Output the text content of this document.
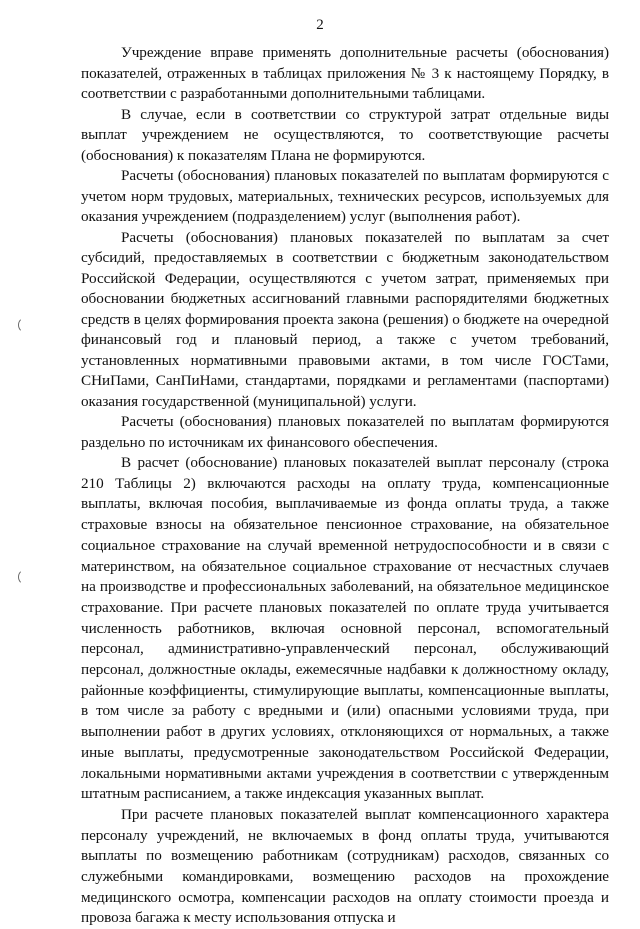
2

Учреждение вправе применять дополнительные расчеты (обоснования) показателей, отраженных в таблицах приложения № 3 к настоящему Порядку, в соответствии с разработанными дополнительными таблицами.

В случае, если в соответствии со структурой затрат отдельные виды выплат учреждением не осуществляются, то соответствующие расчеты (обоснования) к показателям Плана не формируются.

Расчеты (обоснования) плановых показателей по выплатам формируются с учетом норм трудовых, материальных, технических ресурсов, используемых для оказания учреждением (подразделением) услуг (выполнения работ).

Расчеты (обоснования) плановых показателей по выплатам за счет субсидий, предоставляемых в соответствии с бюджетным законодательством Российской Федерации, осуществляются с учетом затрат, применяемых при обосновании бюджетных ассигнований главными распорядителями бюджетных средств в целях формирования проекта закона (решения) о бюджете на очередной финансовый год и плановый период, а также с учетом требований, установленных нормативными правовыми актами, в том числе ГОСТами, СНиПами, СанПиНами, стандартами, порядками и регламентами (паспортами) оказания государственной (муниципальной) услуги.

Расчеты (обоснования) плановых показателей по выплатам формируются раздельно по источникам их финансового обеспечения.

В расчет (обоснование) плановых показателей выплат персоналу (строка 210 Таблицы 2) включаются расходы на оплату труда, компенсационные выплаты, включая пособия, выплачиваемые из фонда оплаты труда, а также страховые взносы на обязательное пенсионное страхование, на обязательное социальное страхование на случай временной нетрудоспособности и в связи с материнством, на обязательное социальное страхование от несчастных случаев на производстве и профессиональных заболеваний, на обязательное медицинское страхование. При расчете плановых показателей по оплате труда учитывается численность работников, включая основной персонал, вспомогательный персонал, административно-управленческий персонал, обслуживающий персонал, должностные оклады, ежемесячные надбавки к должностному окладу, районные коэффициенты, стимулирующие выплаты, компенсационные выплаты, в том числе за работу с вредными и (или) опасными условиями труда, при выполнении работ в других условиях, отклоняющихся от нормальных, а также иные выплаты, предусмотренные законодательством Российской Федерации, локальными нормативными актами учреждения в соответствии с утвержденным штатным расписанием, а также индексация указанных выплат.

При расчете плановых показателей выплат компенсационного характера персоналу учреждений, не включаемых в фонд оплаты труда, учитываются выплаты по возмещению работникам (сотрудникам) расходов, связанных со служебными командировками, возмещению расходов на прохождение медицинского осмотра, компенсации расходов на оплату стоимости проезда и провоза багажа к месту использования отпуска и
